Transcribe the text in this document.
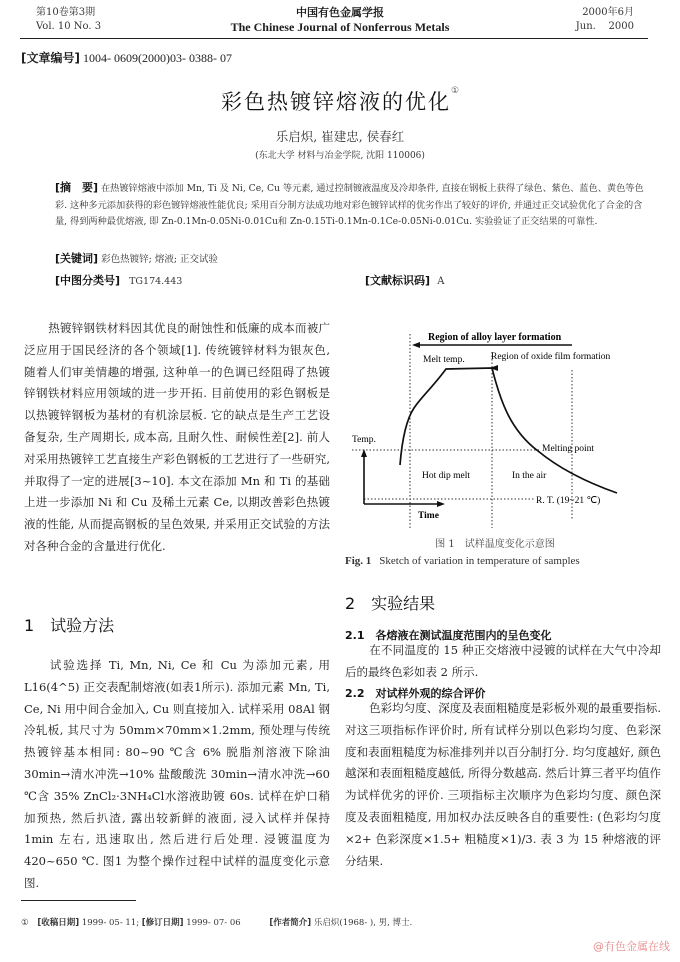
第10卷第3期
Vol. 10 No. 3
中国有色金属学报
The Chinese Journal of Nonferrous Metals
2000年6月
Jun.    2000
[文章编号] 1004- 0609(2000)03- 0388- 07
彩色热镀锌熔液的优化①
乐启炽, 崔建忠, 侯春红
(东北大学 材料与冶金学院, 沈阳 110006)
[摘　要] 在热镀锌熔液中添加 Mn, Ti 及 Ni, Ce, Cu 等元素, 通过控制镀液温度及冷却条件, 直接在钢板上获得了绿色、紫色、蓝色、黄色等色彩. 这种多元添加获得的彩色镀锌熔液性能优良; 采用百分制方法成功地对彩色镀锌试样的优劣作出了较好的评价, 并通过正交试验优化了合金的含量, 得到两种最优熔液, 即 Zn-0.1Mn-0.05Ni-0.01Cu和 Zn-0.15Ti-0.1Mn-0.1Ce-0.05Ni-0.01Cu. 实验验证了正交结果的可靠性.
[关键词] 彩色热镀锌; 熔液; 正交试验
[中图分类号] TG174.443	[文献标识码] A
热镀锌钢铁材料因其优良的耐蚀性和低廉的成本而被广泛应用于国民经济的各个领域[1]. 传统镀锌材料为银灰色, 随着人们审美情趣的增强, 这种单一的色调已经阻碍了热镀锌钢铁材料应用领域的进一步开拓. 目前使用的彩色钢板是以热镀锌钢板为基材的有机涂层板. 它的缺点是生产工艺设备复杂, 生产周期长, 成本高, 且耐久性、耐候性差[2]. 前人对采用热镀锌工艺直接生产彩色钢板的工艺进行了一些研究, 并取得了一定的进展[3~10]. 本文在添加 Mn 和 Ti 的基础上进一步添加 Ni 和 Cu 及稀土元素 Ce, 以期改善彩色热镀液的性能, 从而提高钢板的呈色效果, 并采用正交试验的方法对各种合金的含量进行优化.
1　试验方法
试验选择 Ti, Mn, Ni, Ce 和 Cu 为添加元素, 用L16(4^5) 正交表配制熔液(如表1所示). 添加元素 Mn, Ti, Ce, Ni 用中间合金加入, Cu 则直接加入. 试样采用 08Al 钢冷轧板, 其尺寸为 50mm×70mm×1.2mm, 预处理与传统热镀锌基本相同: 80~90 ℃含 6% 脱脂剂溶液下除油 30min→清水冲洗→10% 盐酸酸洗 30min→清水冲洗→60 ℃含 35% ZnCl₂·3NH₄Cl水溶液助镀 60s. 试样在炉口稍加预热, 然后扒渣, 露出较新鲜的液面, 浸入试样并保持 1min 左右, 迅速取出, 然后进行后处理. 浸镀温度为 420~650 ℃. 图1 为整个操作过程中试样的温度变化示意图.
Region of alloy layer formation
Melt temp.	Region of oxide film formation
Temp.
Melting point
Hot dip melt	In the air
R. T. (19~21 ℃)
Time
图 1　试样温度变化示意图
Fig. 1 Sketch of variation in temperature of samples
2　实验结果
2.1　各熔液在测试温度范围内的呈色变化
在不同温度的 15 种正交熔液中浸镀的试样在大气中冷却后的最终色彩如表 2 所示.
2.2　对试样外观的综合评价
色彩均匀度、深度及表面粗糙度是彩板外观的最重要指标. 对这三项指标作评价时, 所有试样分别以色彩均匀度、色彩深度和表面粗糙度为标准排列并以百分制打分. 均匀度越好, 颜色越深和表面粗糙度越低, 所得分数越高. 然后计算三者平均值作为试样优劣的评价. 三项指标主次顺序为色彩均匀度、颜色深度及表面粗糙度, 用加权办法反映各自的重要性: (色彩均匀度×2+ 色彩深度×1.5+ 粗糙度×1)/3. 表 3 为 15 种熔液的评分结果.
① [收稿日期] 1999- 05- 11; [修订日期] 1999- 07- 06	[作者简介] 乐启炽(1968- ), 男, 博士.
@有色金属在线
